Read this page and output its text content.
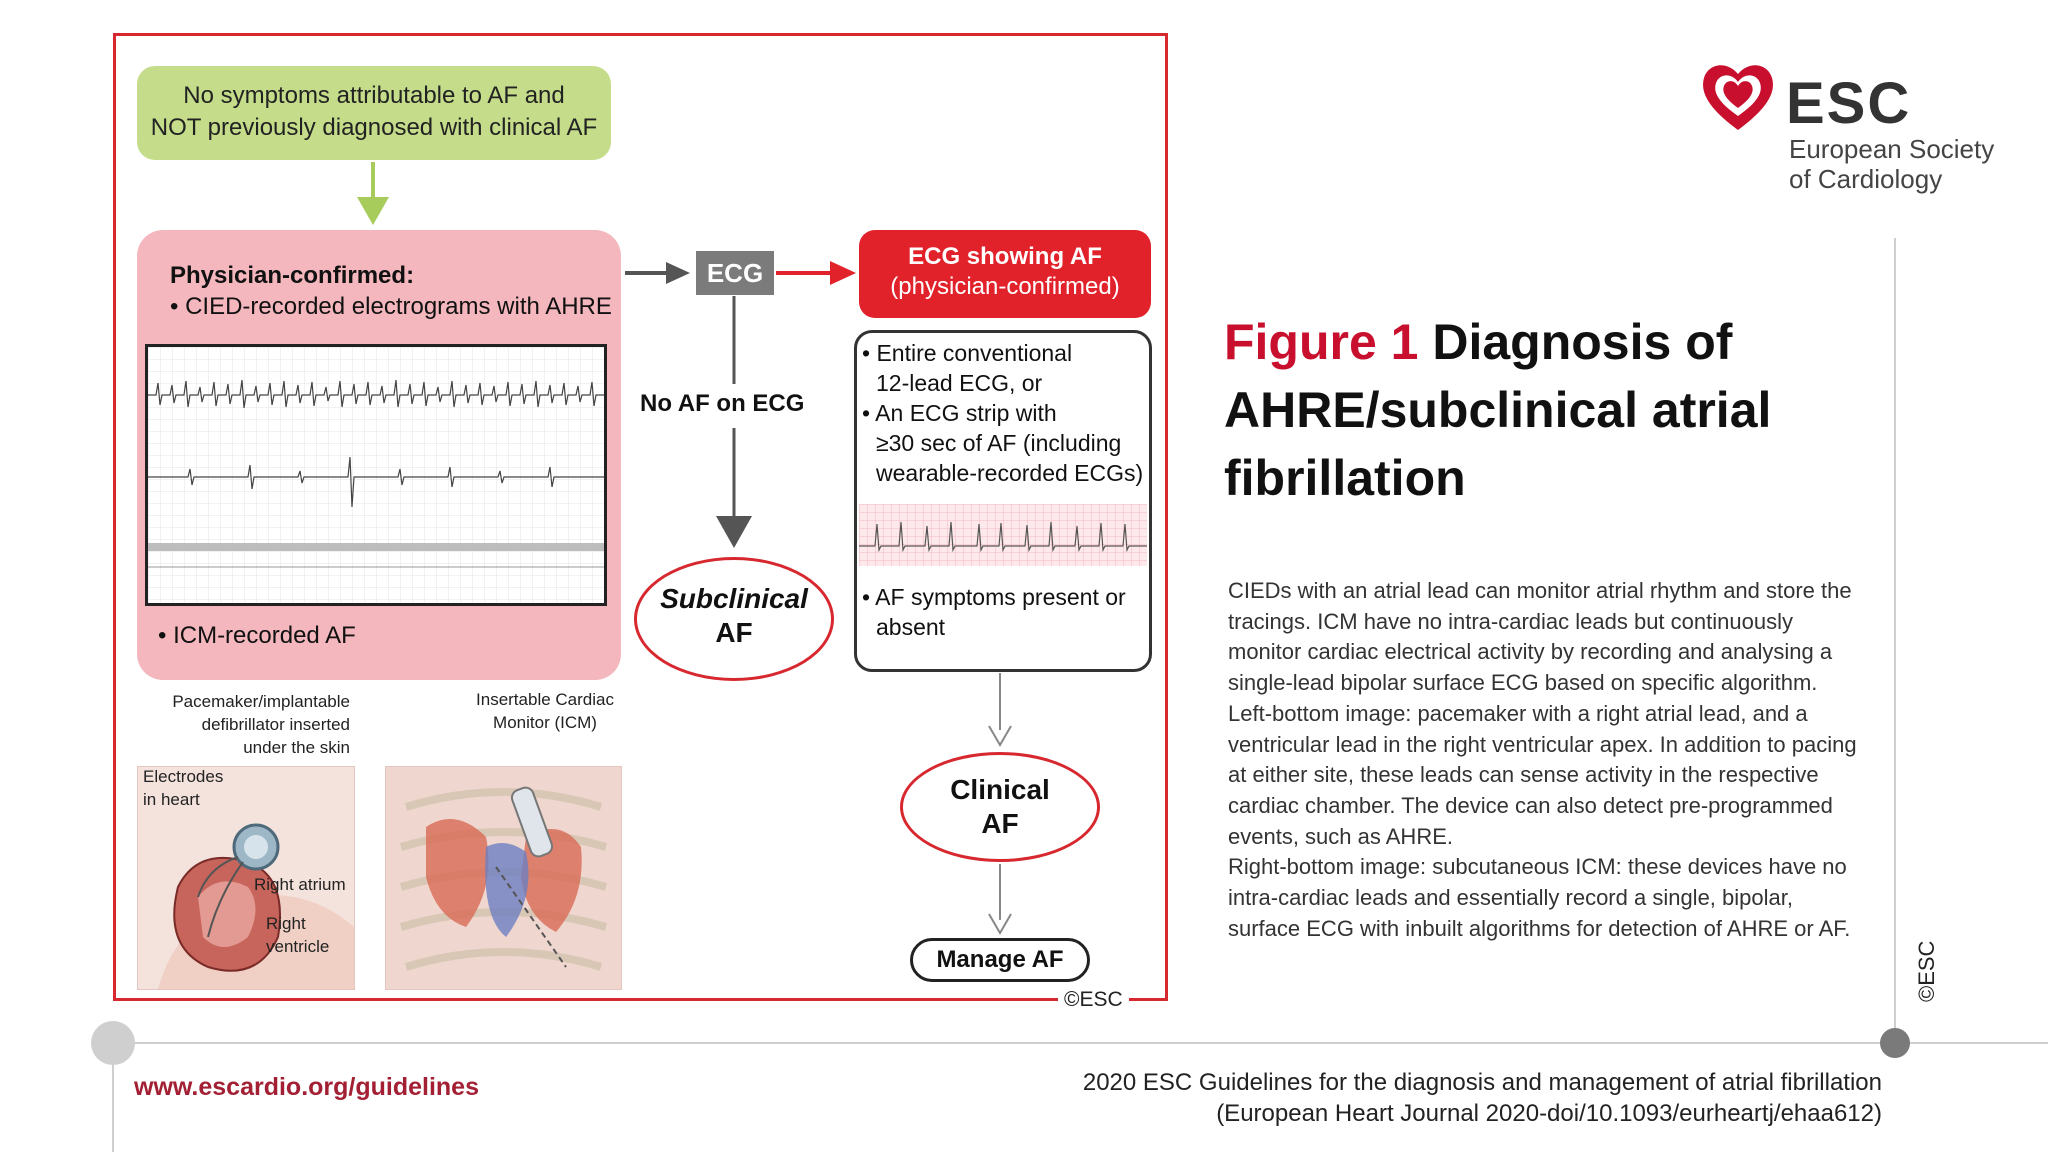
No symptoms attributable to AF and
NOT previously diagnosed with clinical AF
Physician-confirmed:
• CIED-recorded electrograms with AHRE
• ICM-recorded AF
ECG
ECG showing AF
(physician-confirmed)
• Entire conventional
12-lead ECG, or
• An ECG strip with
≥30 sec of AF (including
wearable-recorded ECGs)
• AF symptoms present or
absent
No AF on ECG
Subclinical
AF
Clinical
AF
Manage AF
Pacemaker/implantable
defibrillator inserted
under the skin
Insertable Cardiac
Monitor (ICM)
Electrodes
in heart
Right atrium
Right
ventricle
©ESC
ESC
European Society
of Cardiology
Figure 1 Diagnosis of AHRE/subclinical atrial fibrillation
CIEDs with an atrial lead can monitor atrial rhythm and store the tracings. ICM have no intra-cardiac leads but continuously monitor cardiac electrical activity by recording and analysing a single-lead bipolar surface ECG based on specific algorithm.
Left-bottom image: pacemaker with a right atrial lead, and a ventricular lead in the right ventricular apex. In addition to pacing at either site, these leads can sense activity in the respective cardiac chamber. The device can also detect pre-programmed events, such as AHRE.
Right-bottom image: subcutaneous ICM: these devices have no intra-cardiac leads and essentially record a single, bipolar, surface ECG with inbuilt algorithms for detection of AHRE or AF.
©ESC
www.escardio.org/guidelines	2020 ESC Guidelines for the diagnosis and management of atrial fibrillation
(European Heart Journal 2020-doi/10.1093/eurheartj/ehaa612)
